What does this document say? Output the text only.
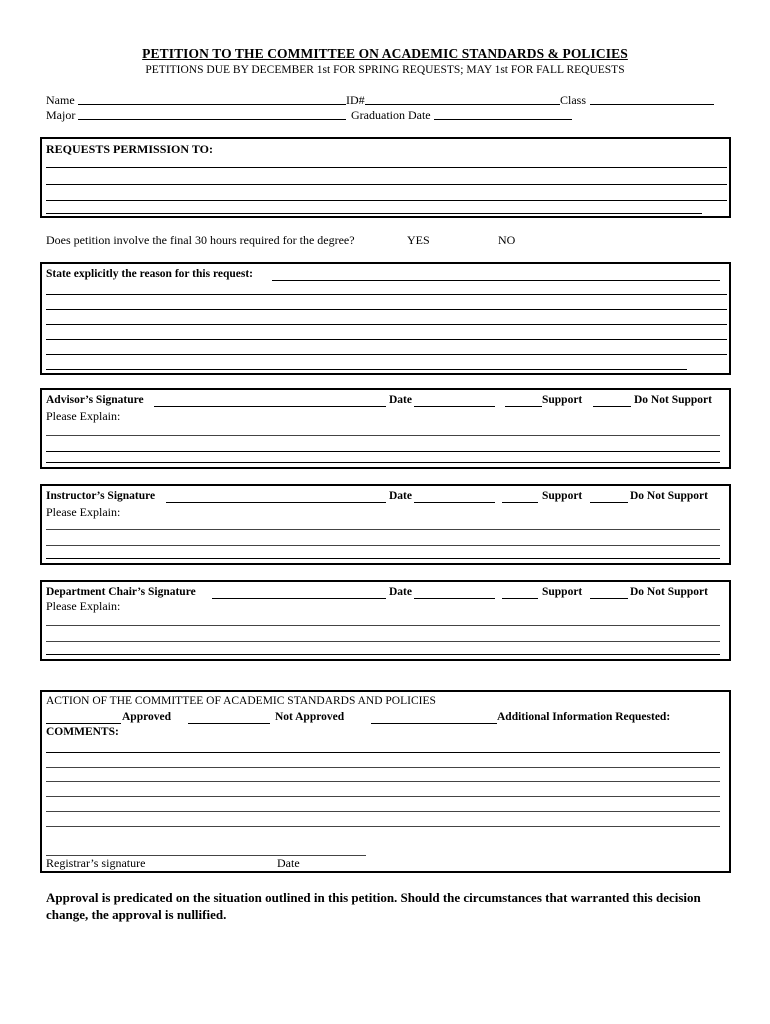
PETITION TO THE COMMITTEE ON ACADEMIC STANDARDS & POLICIES
PETITIONS DUE BY DECEMBER 1st FOR SPRING REQUESTS; MAY 1st FOR FALL REQUESTS
Name	ID#	Class
Major	Graduation Date
REQUESTS PERMISSION TO:
Does petition involve the final 30 hours required for the degree?	YES	NO
State explicitly the reason for this request:
Advisor’s Signature	Date	Support	Do Not Support
Please Explain:
Instructor’s Signature	Date	Support	Do Not Support
Please Explain:
Department Chair’s Signature	Date	Support	Do Not Support
Please Explain:
ACTION OF THE COMMITTEE OF ACADEMIC STANDARDS AND POLICIES
Approved	Not Approved	Additional Information Requested:
COMMENTS:
Registrar’s signature	Date
Approval is predicated on the situation outlined in this petition. Should the circumstances that warranted this decision change, the approval is nullified.
